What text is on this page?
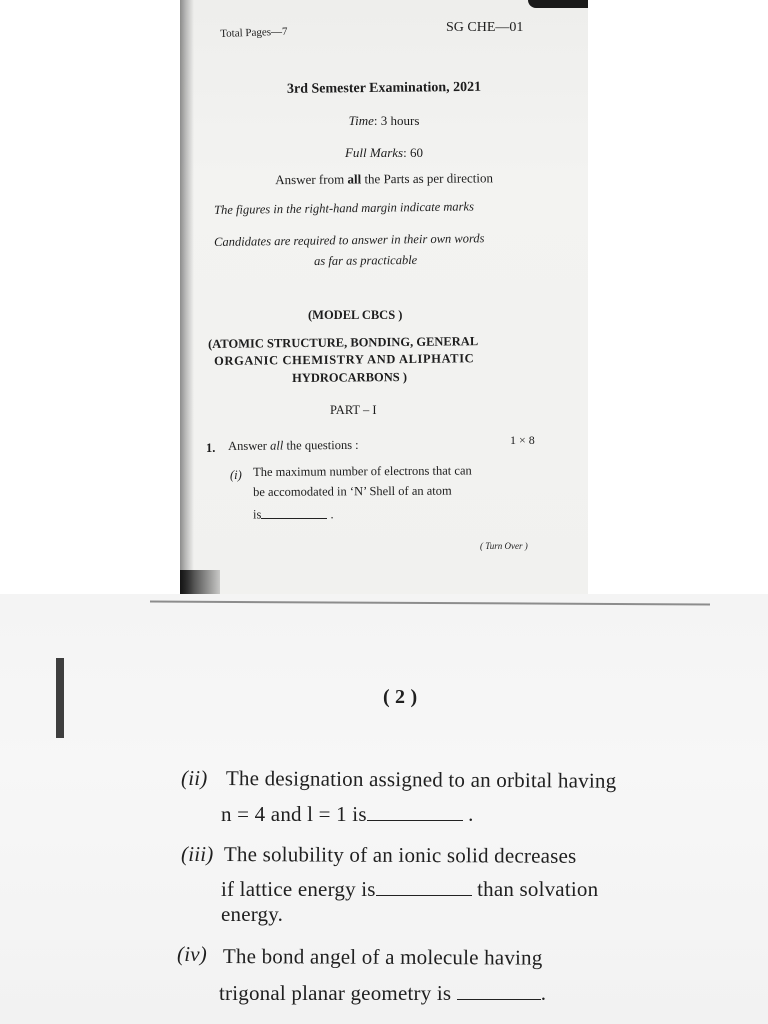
Total Pages—7	SG CHE—01
3rd Semester Examination, 2021
Time: 3 hours
Full Marks: 60
Answer from all the Parts as per direction
The figures in the right-hand margin indicate marks
Candidates are required to answer in their own words
as far as practicable
(MODEL CBCS )
(ATOMIC STRUCTURE, BONDING, GENERAL
ORGANIC CHEMISTRY AND ALIPHATIC
HYDROCARBONS )
PART – I
1. Answer all the questions :	1 × 8
(i) The maximum number of electrons that can
be accomodated in ‘N’ Shell of an atom
is	.
( Turn Over )
( 2 )
(ii) The designation assigned to an orbital having
n = 4 and l = 1 is	.
(iii) The solubility of an ionic solid decreases
if lattice energy is	than solvation
energy.
(iv) The bond angel of a molecule having
trigonal planar geometry is	.
